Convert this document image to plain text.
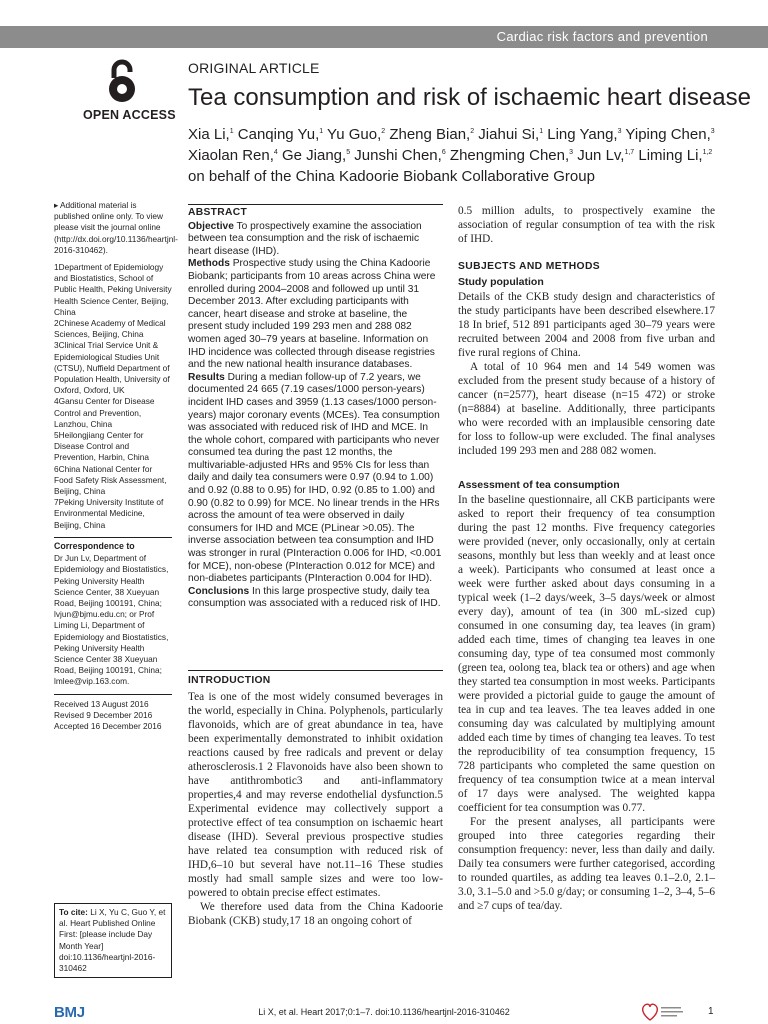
Cardiac risk factors and prevention
OPEN ACCESS
ORIGINAL ARTICLE
Tea consumption and risk of ischaemic heart disease
Xia Li,$^1$ Canqing Yu,$^1$ Yu Guo,$^2$ Zheng Bian,$^2$ Jiahui Si,$^1$ Ling Yang,$^3$ Yiping Chen,$^3$ Xiaolan Ren,$^4$ Ge Jiang,$^5$ Junshi Chen,$^6$ Zhengming Chen,$^3$ Jun Lv,$^{1,7}$ Liming Li,$^{1,2}$ on behalf of the China Kadoorie Biobank Collaborative Group

▸ Additional material is published online only. To view please visit the journal online (http://dx.doi.org/10.1136/heartjnl-2016-310462).

1Department of Epidemiology and Biostatistics, School of Public Health, Peking University Health Science Center, Beijing, China

2Chinese Academy of Medical Sciences, Beijing, China

3Clinical Trial Service Unit & Epidemiological Studies Unit (CTSU), Nuffield Department of Population Health, University of Oxford, Oxford, UK

4Gansu Center for Disease Control and Prevention, Lanzhou, China

5Heilongjiang Center for Disease Control and Prevention, Harbin, China

6China National Center for Food Safety Risk Assessment, Beijing, China

7Peking University Institute of Environmental Medicine, Beijing, China

Correspondence to

Dr Jun Lv, Department of Epidemiology and Biostatistics, Peking University Health Science Center, 38 Xueyuan Road, Beijing 100191, China; lvjun@bjmu.edu.cn; or Prof Liming Li, Department of Epidemiology and Biostatistics, Peking University Health Science Center 38 Xueyuan Road, Beijing 100191, China; lmlee@vip.163.com.

Received 13 August 2016
Revised 9 December 2016
Accepted 16 December 2016
To cite: Li X, Yu C, Guo Y, et al. Heart Published Online First: [please include Day Month Year] doi:10.1136/heartjnl-2016-310462
ABSTRACT

Objective To prospectively examine the association between tea consumption and the risk of ischaemic heart disease (IHD).

Methods Prospective study using the China Kadoorie Biobank; participants from 10 areas across China were enrolled during 2004–2008 and followed up until 31 December 2013. After excluding participants with cancer, heart disease and stroke at baseline, the present study included 199 293 men and 288 082 women aged 30–79 years at baseline. Information on IHD incidence was collected through disease registries and the new national health insurance databases.

Results During a median follow-up of 7.2 years, we documented 24 665 (7.19 cases/1000 person-years) incident IHD cases and 3959 (1.13 cases/1000 person-years) major coronary events (MCEs). Tea consumption was associated with reduced risk of IHD and MCE. In the whole cohort, compared with participants who never consumed tea during the past 12 months, the multivariable-adjusted HRs and 95% CIs for less than daily and daily tea consumers were 0.97 (0.94 to 1.00) and 0.92 (0.88 to 0.95) for IHD, 0.92 (0.85 to 1.00) and 0.90 (0.82 to 0.99) for MCE. No linear trends in the HRs across the amount of tea were observed in daily consumers for IHD and MCE (PLinear >0.05). The inverse association between tea consumption and IHD was stronger in rural (PInteraction 0.006 for IHD, <0.001 for MCE), non-obese (PInteraction 0.012 for MCE) and non-diabetes participants (PInteraction 0.004 for IHD).

Conclusions In this large prospective study, daily tea consumption was associated with a reduced risk of IHD.

INTRODUCTION

Tea is one of the most widely consumed beverages in the world, especially in China. Polyphenols, particularly flavonoids, which are of great abundance in tea, have been experimentally demonstrated to inhibit oxidation reactions caused by free radicals and prevent or delay atherosclerosis.1 2 Flavonoids have also been shown to have antithrombotic3 and anti-inflammatory properties,4 and may reverse endothelial dysfunction.5 Experimental evidence may collectively support a protective effect of tea consumption on ischaemic heart disease (IHD). Several previous prospective studies have related tea consumption with reduced risk of IHD,6–10 but several have not.11–16 These studies mostly had small sample sizes and were too low-powered to obtain precise effect estimates.

We therefore used data from the China Kadoorie Biobank (CKB) study,17 18 an ongoing cohort of

0.5 million adults, to prospectively examine the association of regular consumption of tea with the risk of IHD.

SUBJECTS AND METHODS
Study population

Details of the CKB study design and characteristics of the study participants have been described elsewhere.17 18 In brief, 512 891 participants aged 30–79 years were recruited between 2004 and 2008 from five urban and five rural regions of China.

A total of 10 964 men and 14 549 women was excluded from the present study because of a history of cancer (n=2577), heart disease (n=15 472) or stroke (n=8884) at baseline. Additionally, three participants who were recorded with an implausible censoring date for loss to follow-up were excluded. The final analyses included 199 293 men and 288 082 women.

Assessment of tea consumption

In the baseline questionnaire, all CKB participants were asked to report their frequency of tea consumption during the past 12 months. Five frequency categories were provided (never, only occasionally, only at certain seasons, monthly but less than weekly and at least once a week). Participants who consumed at least once a week were further asked about days consuming in a typical week (1–2 days/week, 3–5 days/week or almost every day), amount of tea (in 300 mL-sized cup) consumed in one consuming day, tea leaves (in gram) added each time, times of changing tea leaves in one consuming day, type of tea consumed most commonly (green tea, oolong tea, black tea or others) and age when they started tea consumption in most weeks. Participants were provided a pictorial guide to gauge the amount of tea in cup and tea leaves. The tea leaves added in one consuming day was calculated by multiplying amount added each time by times of changing tea leaves. To test the reproducibility of tea consumption frequency, 15 728 participants who completed the same question on frequency of tea consumption twice at a mean interval of 17 days were analysed. The weighted kappa coefficient for tea consumption was 0.77.

For the present analyses, all participants were grouped into three categories regarding their consumption frequency: never, less than daily and daily. Daily tea consumers were further categorised, according to rounded quartiles, as adding tea leaves 0.1–2.0, 2.1–3.0, 3.1–5.0 and >5.0 g/day; or consuming 1–2, 3–4, 5–6 and ≥7 cups of tea/day.

BMJ	Li X, et al. Heart 2017;0:1–7. doi:10.1136/heartjnl-2016-310462	1
